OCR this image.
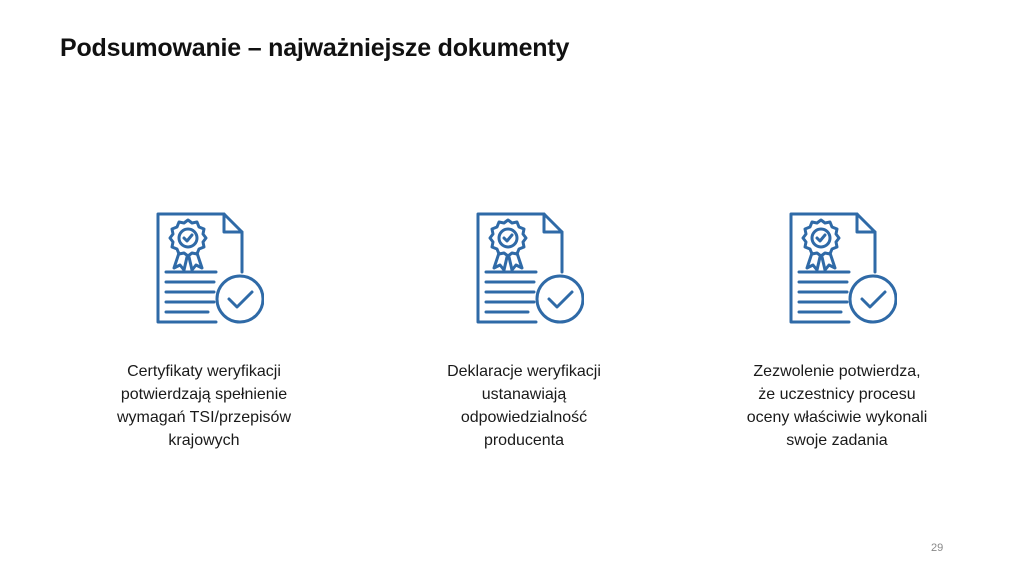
Podsumowanie – najważniejsze dokumenty
Certyfikaty weryfikacji
potwierdzają spełnienie
wymagań TSI/przepisów
krajowych
Deklaracje weryfikacji
ustanawiają
odpowiedzialność
producenta
Zezwolenie potwierdza,
że uczestnicy procesu
oceny właściwie wykonali
swoje zadania
29
